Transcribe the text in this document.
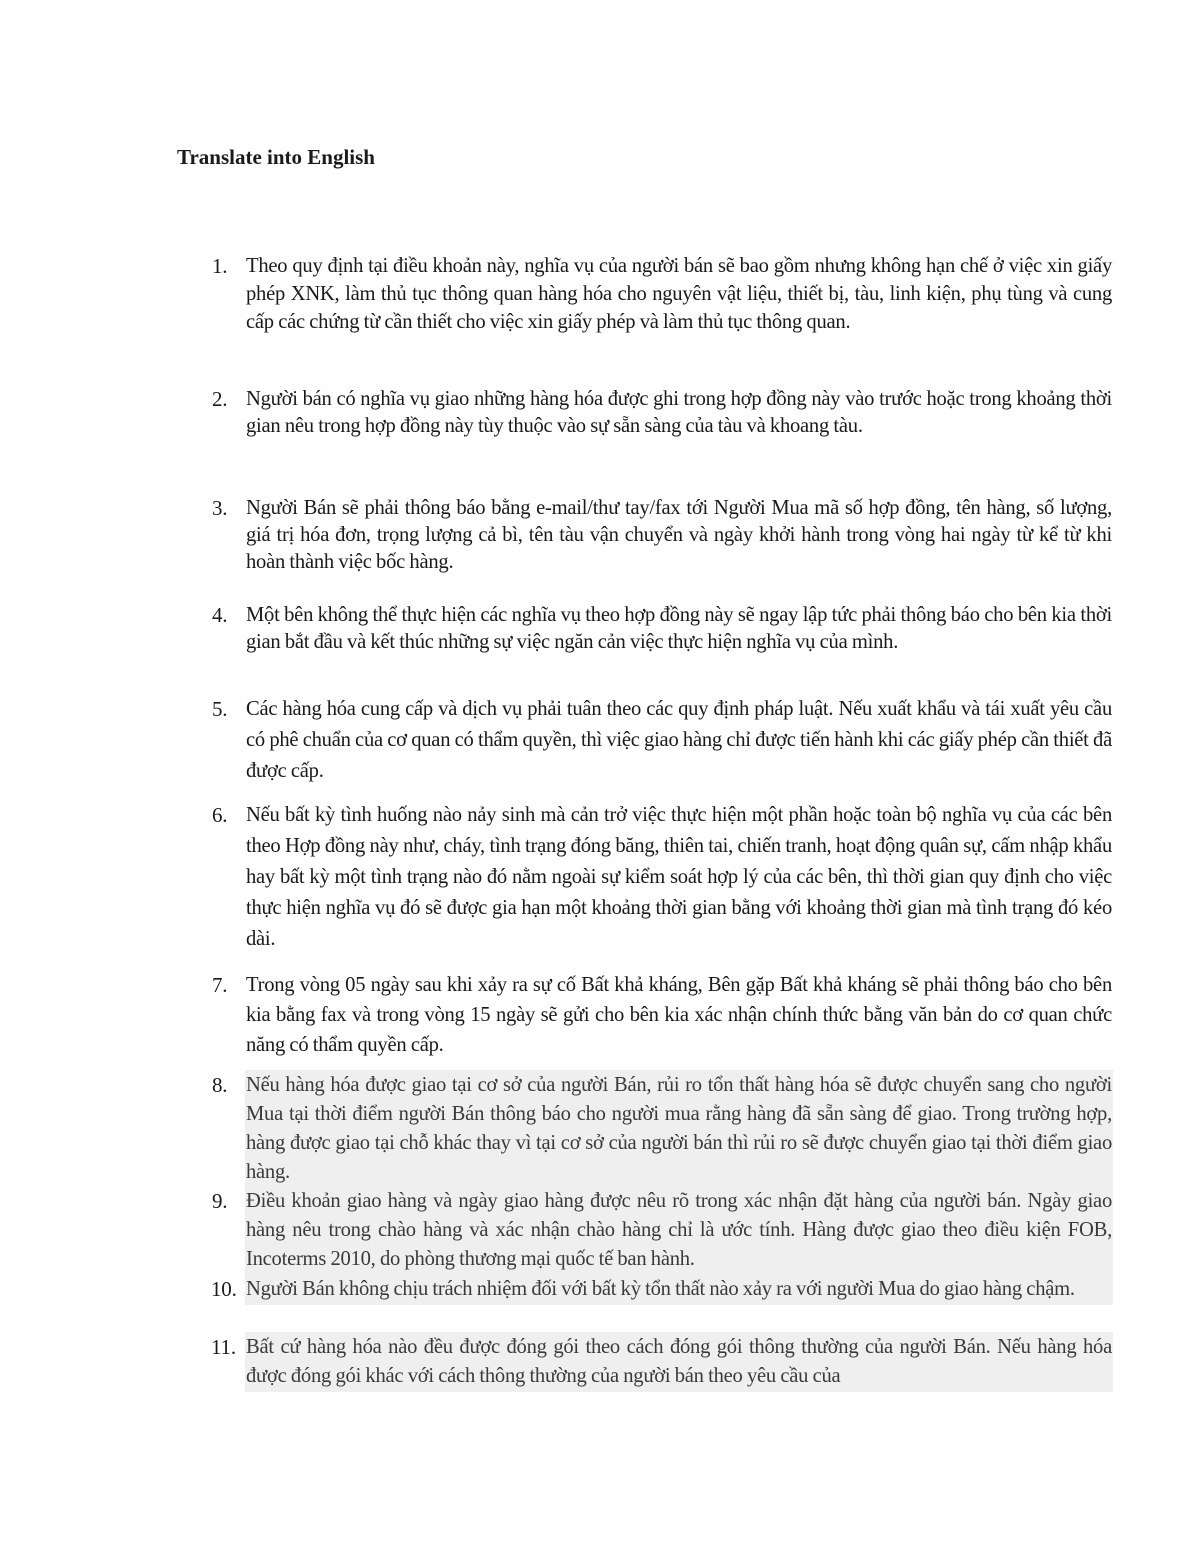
Translate into English
1. Theo quy định tại điều khoản này, nghĩa vụ của người bán sẽ bao gồm nhưng không hạn chế ở việc xin giấy phép XNK, làm thủ tục thông quan hàng hóa cho nguyên vật liệu, thiết bị, tàu, linh kiện, phụ tùng và cung cấp các chứng từ cần thiết cho việc xin giấy phép và làm thủ tục thông quan.
2. Người bán có nghĩa vụ giao những hàng hóa được ghi trong hợp đồng này vào trước hoặc trong khoảng thời gian nêu trong hợp đồng này tùy thuộc vào sự sẵn sàng của tàu và khoang tàu.
3. Người Bán sẽ phải thông báo bằng e-mail/thư tay/fax tới Người Mua mã số hợp đồng, tên hàng, số lượng, giá trị hóa đơn, trọng lượng cả bì, tên tàu vận chuyển và ngày khởi hành trong vòng hai ngày từ kể từ khi hoàn thành việc bốc hàng.
4. Một bên không thể thực hiện các nghĩa vụ theo hợp đồng này sẽ ngay lập tức phải thông báo cho bên kia thời gian bắt đầu và kết thúc những sự việc ngăn cản việc thực hiện nghĩa vụ của mình.
5. Các hàng hóa cung cấp và dịch vụ phải tuân theo các quy định pháp luật. Nếu xuất khẩu và tái xuất yêu cầu có phê chuẩn của cơ quan có thẩm quyền, thì việc giao hàng chỉ được tiến hành khi các giấy phép cần thiết đã được cấp.
6. Nếu bất kỳ tình huống nào nảy sinh mà cản trở việc thực hiện một phần hoặc toàn bộ nghĩa vụ của các bên theo Hợp đồng này như, cháy, tình trạng đóng băng, thiên tai, chiến tranh, hoạt động quân sự, cấm nhập khẩu hay bất kỳ một tình trạng nào đó nằm ngoài sự kiểm soát hợp lý của các bên, thì thời gian quy định cho việc thực hiện nghĩa vụ đó sẽ được gia hạn một khoảng thời gian bằng với khoảng thời gian mà tình trạng đó kéo dài.
7. Trong vòng 05 ngày sau khi xảy ra sự cố Bất khả kháng, Bên gặp Bất khả kháng sẽ phải thông báo cho bên kia bằng fax và trong vòng 15 ngày sẽ gửi cho bên kia xác nhận chính thức bằng văn bản do cơ quan chức năng có thẩm quyền cấp.
8. Nếu hàng hóa được giao tại cơ sở của người Bán, rủi ro tổn thất hàng hóa sẽ được chuyển sang cho người Mua tại thời điểm người Bán thông báo cho người mua rằng hàng đã sẵn sàng để giao. Trong trường hợp, hàng được giao tại chỗ khác thay vì tại cơ sở của người bán thì rủi ro sẽ được chuyển giao tại thời điểm giao hàng.
9. Điều khoản giao hàng và ngày giao hàng được nêu rõ trong xác nhận đặt hàng của người bán. Ngày giao hàng nêu trong chào hàng và xác nhận chào hàng chỉ là ước tính. Hàng được giao theo điều kiện FOB, Incoterms 2010, do phòng thương mại quốc tế ban hành.
10. Người Bán không chịu trách nhiệm đối với bất kỳ tổn thất nào xảy ra với người Mua do giao hàng chậm.
11. Bất cứ hàng hóa nào đều được đóng gói theo cách đóng gói thông thường của người Bán. Nếu hàng hóa được đóng gói khác với cách thông thường của người bán theo yêu cầu của
